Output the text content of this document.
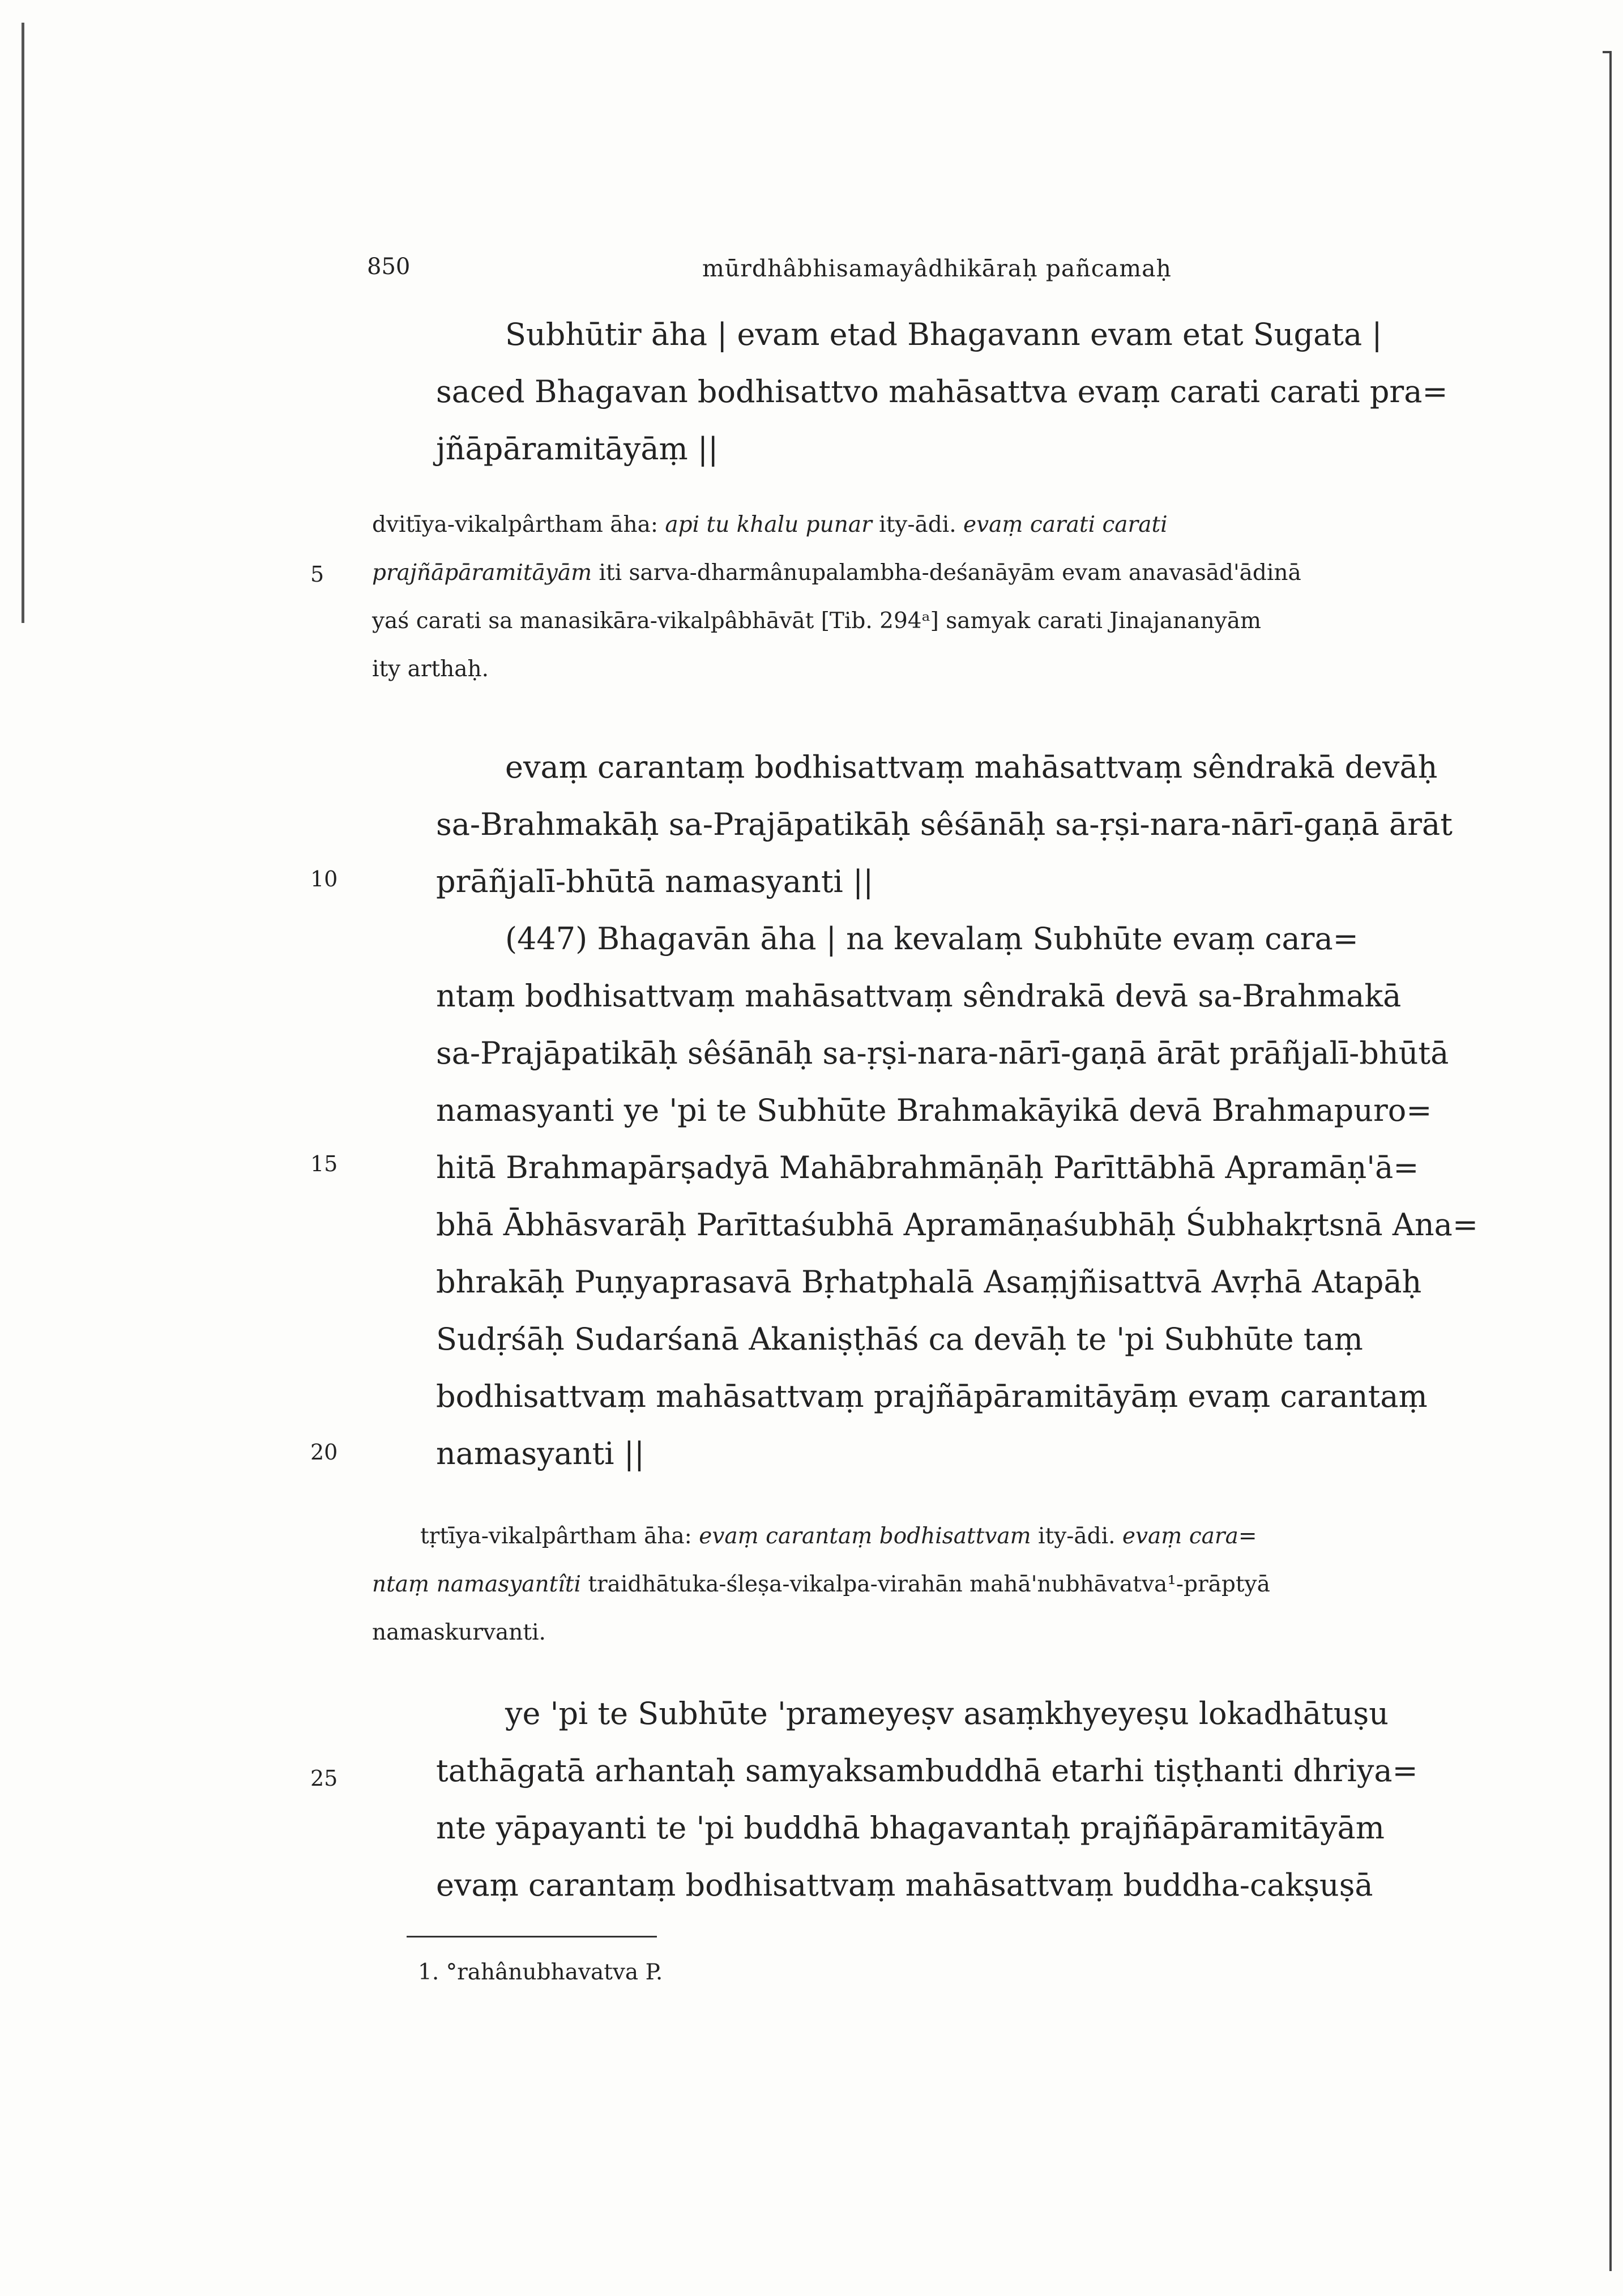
850	mūrdhâbhisamayâdhikāraḥ pañcamaḥ
Subhūtir āha | evam etad Bhagavann evam etat Sugata |
saced Bhagavan bodhisattvo mahāsattva evaṃ carati carati pra=
jñāpāramitāyāṃ ||
dvitīya-vikalpârtham āha: api tu khalu punar ity-ādi. evaṃ carati carati
prajñāpāramitāyām iti sarva-dharmânupalambha-deśanāyām evam anavasād'ādinā
yaś carati sa manasikāra-vikalpâbhāvāt [Tib. 294ᵃ] samyak carati Jinajananyām
ity arthaḥ.
evaṃ carantaṃ bodhisattvaṃ mahāsattvaṃ sêndrakā devāḥ
sa-Brahmakāḥ sa-Prajāpatikāḥ sêśānāḥ sa-ṛṣi-nara-nārī-gaṇā ārāt
prāñjalī-bhūtā namasyanti ||
(447) Bhagavān āha | na kevalaṃ Subhūte evaṃ cara=
ntaṃ bodhisattvaṃ mahāsattvaṃ sêndrakā devā sa-Brahmakā
sa-Prajāpatikāḥ sêśānāḥ sa-ṛṣi-nara-nārī-gaṇā ārāt prāñjalī-bhūtā
namasyanti ye 'pi te Subhūte Brahmakāyikā devā Brahmapuro=
hitā Brahmapārṣadyā Mahābrahmāṇāḥ Parīttābhā Apramāṇ'ā=
bhā Ābhāsvarāḥ Parīttaśubhā Apramāṇaśubhāḥ Śubhakṛtsnā Ana=
bhrakāḥ Puṇyaprasavā Bṛhatphalā Asaṃjñisattvā Avṛhā Atapāḥ
Sudṛśāḥ Sudarśanā Akaniṣṭhāś ca devāḥ te 'pi Subhūte taṃ
bodhisattvaṃ mahāsattvaṃ prajñāpāramitāyāṃ evaṃ carantaṃ
namasyanti ||
tṛtīya-vikalpârtham āha: evaṃ carantaṃ bodhisattvam ity-ādi. evaṃ cara=
ntaṃ namasyantîti traidhātuka-śleṣa-vikalpa-virahān mahā'nubhāvatva¹-prāptyā
namaskurvanti.
ye 'pi te Subhūte 'prameyeṣv asaṃkhyeyeṣu lokadhātuṣu
tathāgatā arhantaḥ samyaksambuddhā etarhi tiṣṭhanti dhriya=
nte yāpayanti te 'pi buddhā bhagavantaḥ prajñāpāramitāyām
evaṃ carantaṃ bodhisattvaṃ mahāsattvaṃ buddha-cakṣuṣā
5
10
15
20
25
1. °rahânubhavatva P.
